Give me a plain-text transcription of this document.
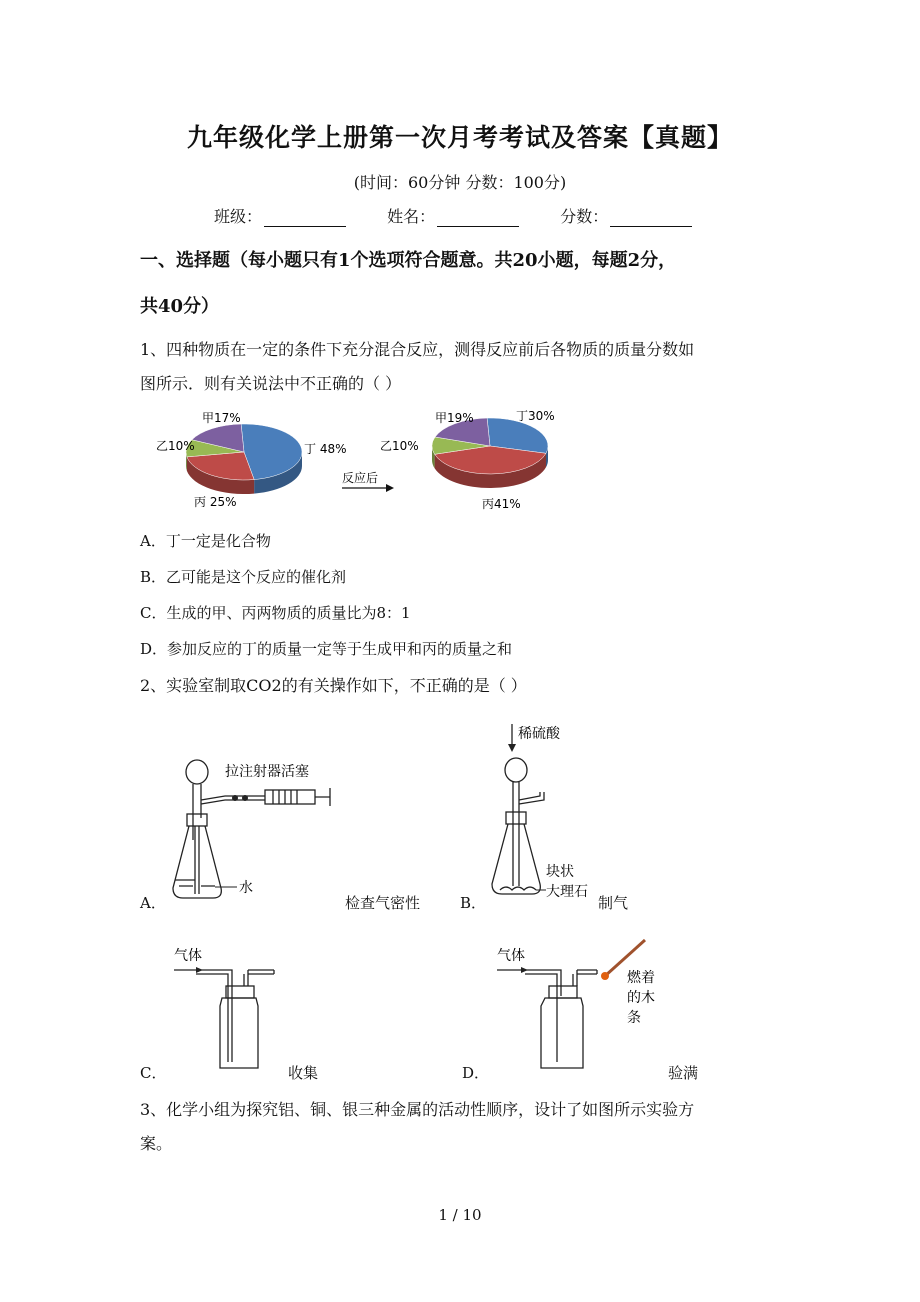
九年级化学上册第一次月考考试及答案【真题】
(时间：60分钟 分数：100分)
班级：	姓名：	分数：
一、选择题（每小题只有1个选项符合题意。共20小题，每题2分，
共40分）
1、四种物质在一定的条件下充分混合反应，测得反应前后各物质的质量分数如
图所示．则有关说法中不正确的（ ）
乙10%
甲17%
丁 48%
丙 25%
反应后
乙10%
甲19%	丁30%
丙41%
A．丁一定是化合物
B．乙可能是这个反应的催化剂
C．生成的甲、丙两物质的质量比为8：1
D．参加反应的丁的质量一定等于生成甲和丙的质量之和
2、实验室制取CO2的有关操作如下，不正确的是（ ）
拉注射器活塞
水
A．	检查气密性
稀硫酸
块状
大理石
B．	制气
气体
C．	收集
气体
燃着
的木
条
D．	验满
3、化学小组为探究铝、铜、银三种金属的活动性顺序，设计了如图所示实验方
案。
1 / 10
